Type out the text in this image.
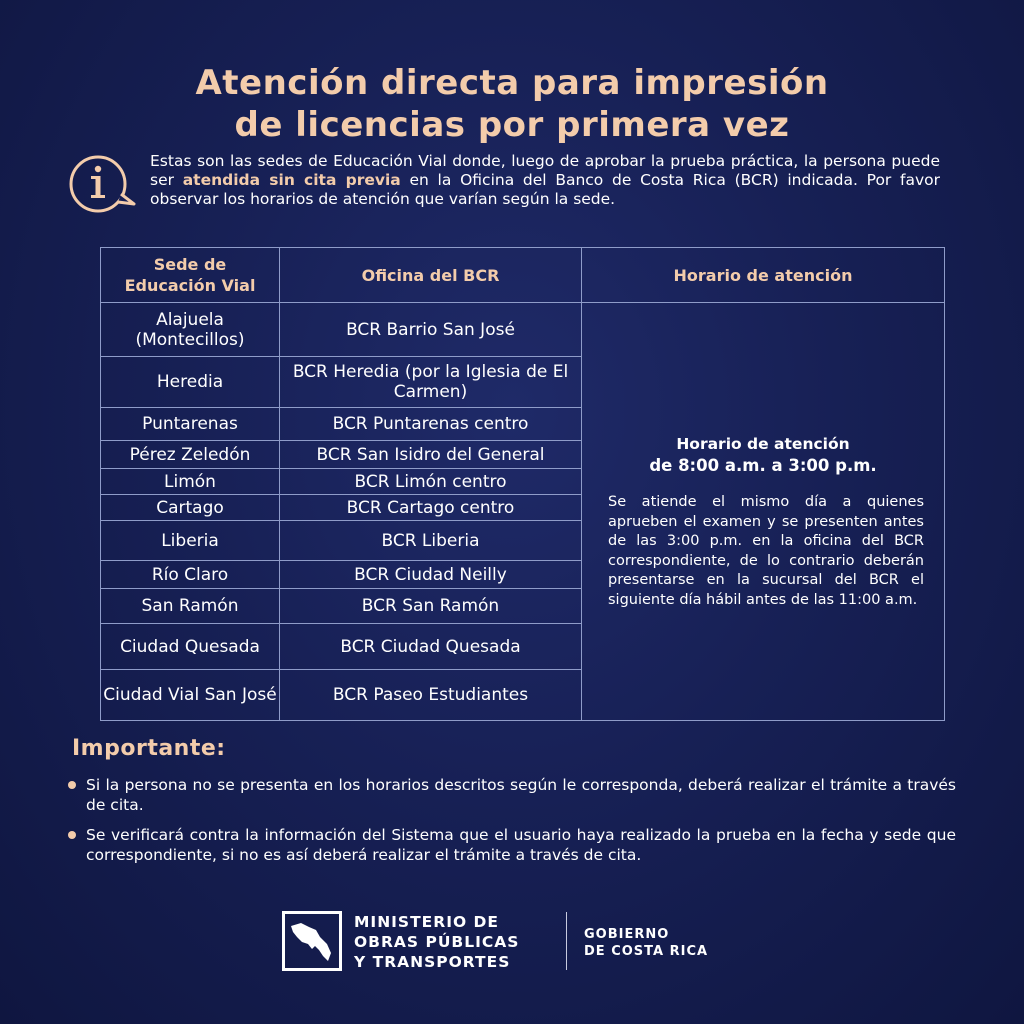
Atención directa para impresión
de licencias por primera vez
Estas son las sedes de Educación Vial donde, luego de aprobar la prueba práctica, la persona puede ser atendida sin cita previa en la Oficina del Banco de Costa Rica (BCR) indicada. Por favor observar los horarios de atención que varían según la sede.
Sede de
Educación Vial	Oficina del BCR	Horario de atención
Alajuela (Montecillos)	BCR Barrio San José	Horario de atención
de 8:00 a.m. a 3:00 p.m.
Se atiende el mismo día a quienes aprueben el examen y se presenten antes de las 3:00 p.m. en la oficina del BCR correspondiente, de lo contrario deberán presentarse en la sucursal del BCR el siguiente día hábil antes de las 11:00 a.m.

Heredia	BCR Heredia (por la Iglesia de El Carmen)	
Puntarenas	BCR Puntarenas centro	
Pérez Zeledón	BCR San Isidro del General	
Limón	BCR Limón centro	
Cartago	BCR Cartago centro	
Liberia	BCR Liberia	
Río Claro	BCR Ciudad Neilly	
San Ramón	BCR San Ramón	
Ciudad Quesada	BCR Ciudad Quesada	
Ciudad Vial San José	BCR Paseo Estudiantes	
Importante:
Si la persona no se presenta en los horarios descritos según le corresponda, deberá realizar el trámite a través de cita.
Se verificará contra la información del Sistema que el usuario haya realizado la prueba en la fecha y sede que correspondiente, si no es así deberá realizar el trámite a través de cita.
MINISTERIO DE
OBRAS PÚBLICAS
Y TRANSPORTES
GOBIERNO
DE COSTA RICA
